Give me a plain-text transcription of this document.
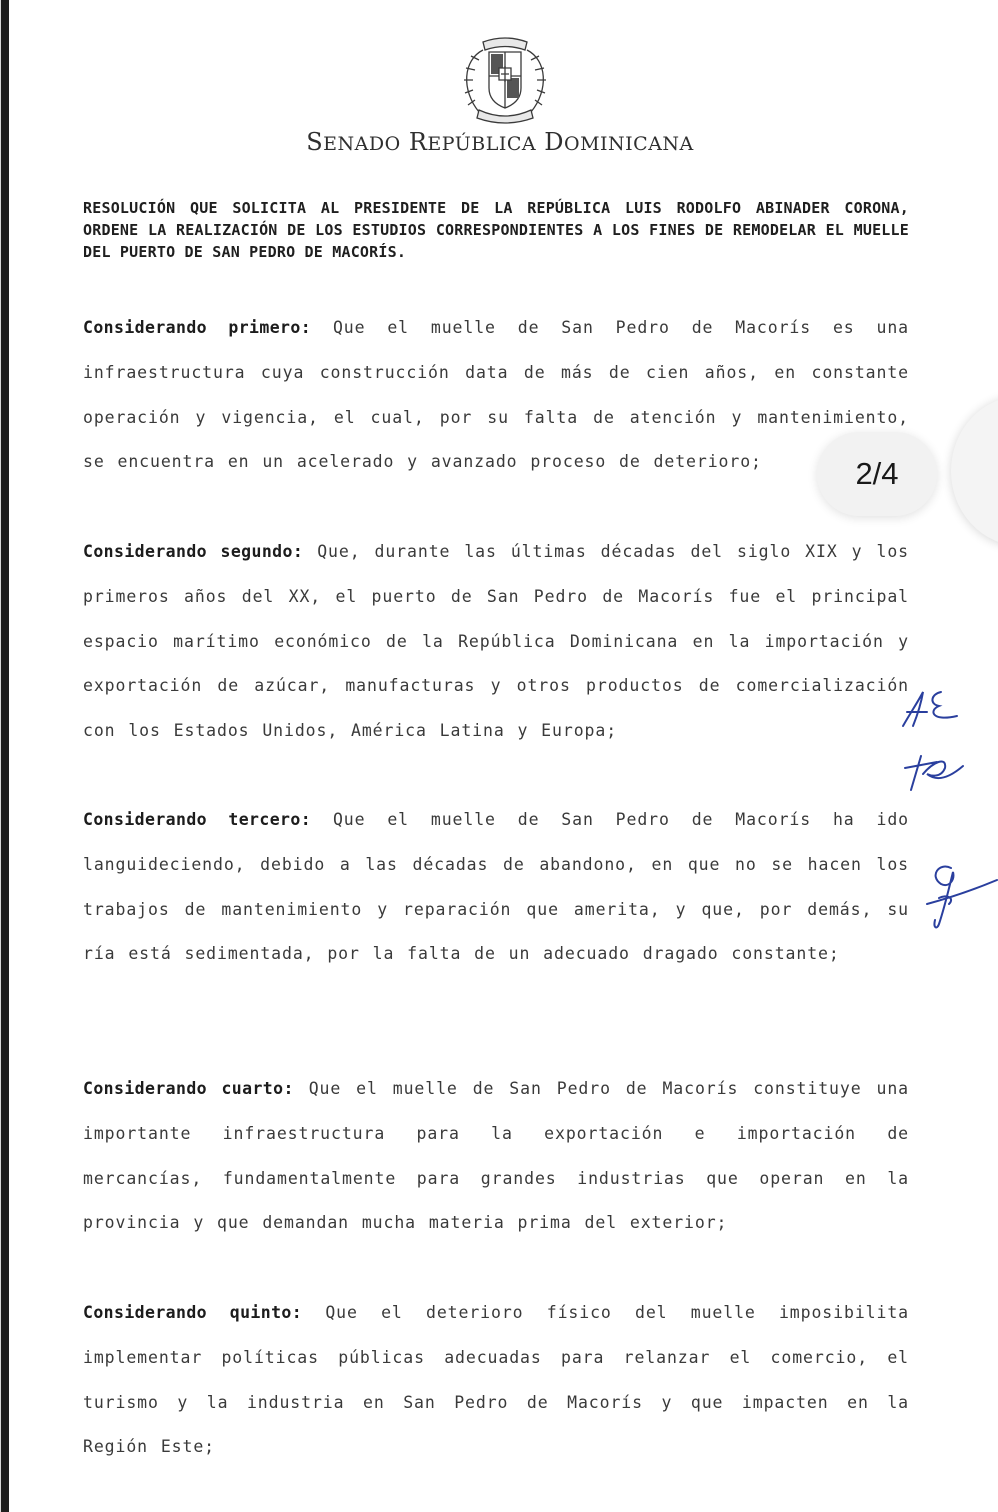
SENADO REPÚBLICA DOMINICANA
RESOLUCIÓN QUE SOLICITA AL PRESIDENTE DE LA REPÚBLICA LUIS RODOLFO ABINADER CORONA, ORDENE LA REALIZACIÓN DE LOS ESTUDIOS CORRESPONDIENTES A LOS FINES DE REMODELAR EL MUELLE DEL PUERTO DE SAN PEDRO DE MACORÍS.
Considerando primero: Que el muelle de San Pedro de Macorís es una infraestructura cuya construcción data de más de cien años, en constante operación y vigencia, el cual, por su falta de atención y mantenimiento, se encuentra en un acelerado y avanzado proceso de deterioro;
Considerando segundo: Que, durante las últimas décadas del siglo XIX y los primeros años del XX, el puerto de San Pedro de Macorís fue el principal espacio marítimo económico de la República Dominicana en la importación y exportación de azúcar, manufacturas y otros productos de comercialización con los Estados Unidos, América Latina y Europa;
Considerando tercero: Que el muelle de San Pedro de Macorís ha ido languideciendo, debido a las décadas de abandono, en que no se hacen los trabajos de mantenimiento y reparación que amerita, y que, por demás, su ría está sedimentada, por la falta de un adecuado dragado constante;
Considerando cuarto: Que el muelle de San Pedro de Macorís constituye una importante infraestructura para la exportación e importación de mercancías, fundamentalmente para grandes industrias que operan en la provincia y que demandan mucha materia prima del exterior;
Considerando quinto: Que el deterioro físico del muelle imposibilita implementar políticas públicas adecuadas para relanzar el comercio, el turismo y la industria en San Pedro de Macorís y que impacten en la Región Este;
2/4
